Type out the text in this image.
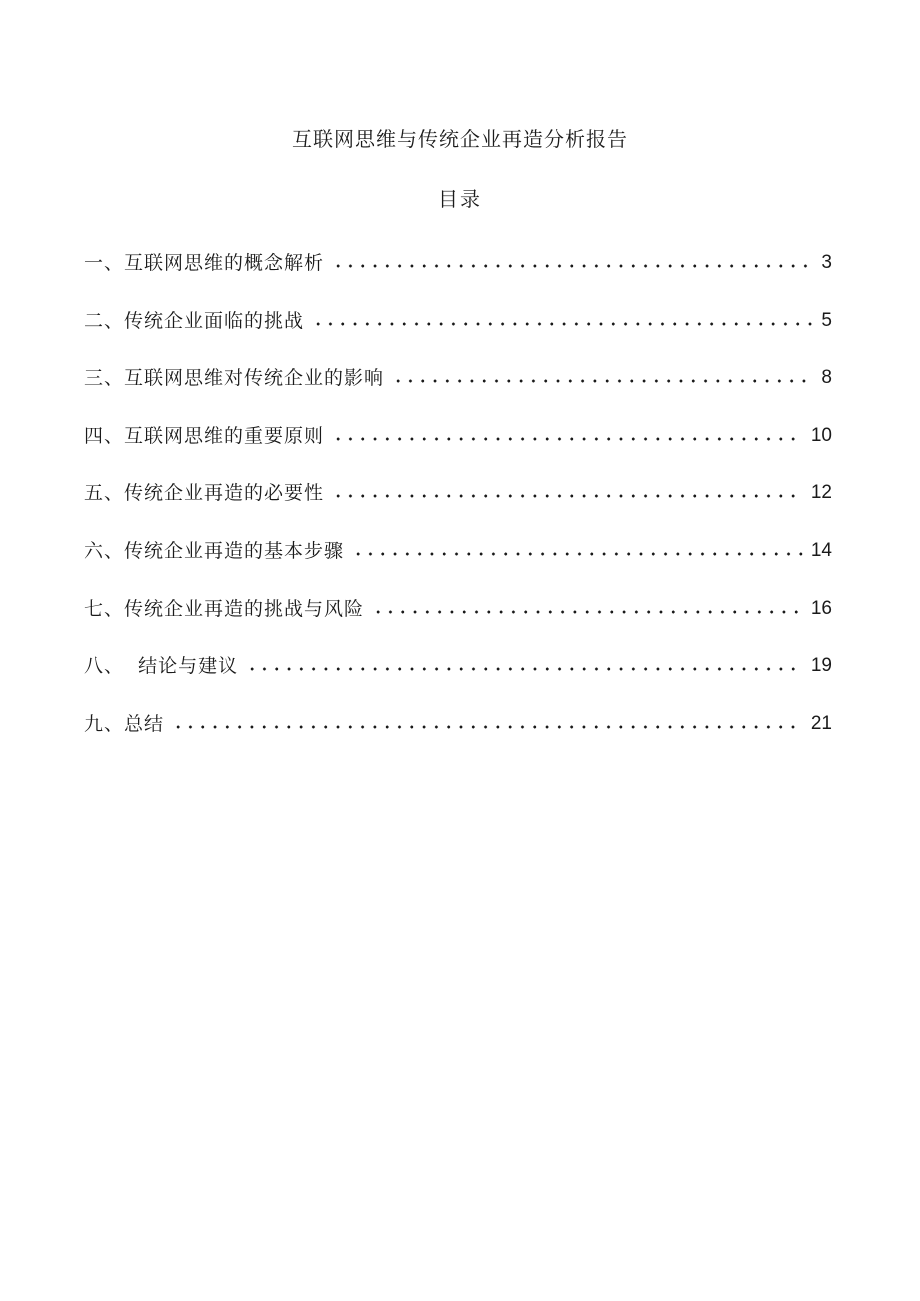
互联网思维与传统企业再造分析报告
目录
一、互联网思维的概念解析	3
二、传统企业面临的挑战	5
三、互联网思维对传统企业的影响	8
四、互联网思维的重要原则	10
五、传统企业再造的必要性	12
六、传统企业再造的基本步骤	14
七、传统企业再造的挑战与风险	16
八、  结论与建议	19
九、总结	21
